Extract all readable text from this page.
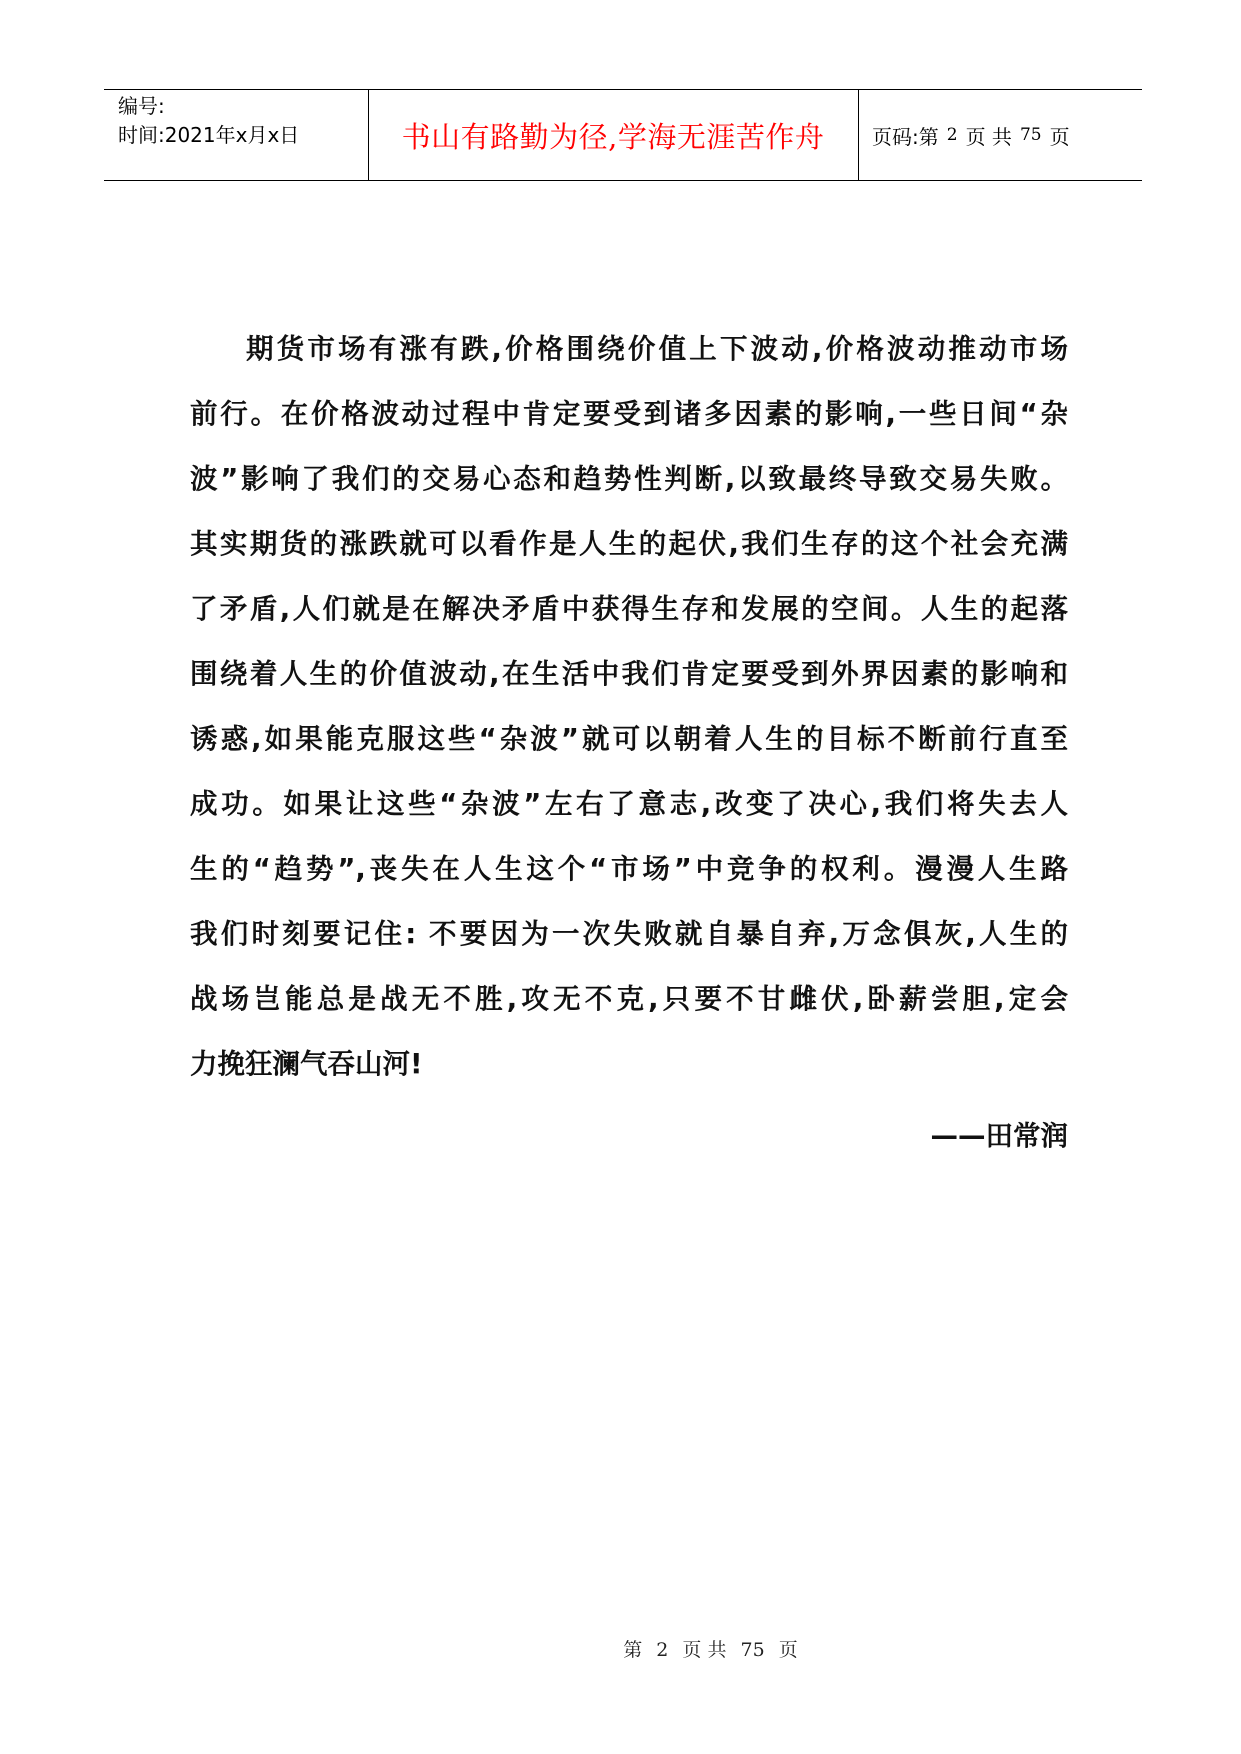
编号:
时间:2021年x月x日	书山有路勤为径,学海无涯苦作舟	页码:第 2 页 共 75 页
期货市场有涨有跌,价格围绕价值上下波动,价格波动推动市场
前行。在价格波动过程中肯定要受到诸多因素的影响,一些日间“杂
波”影响了我们的交易心态和趋势性判断,以致最终导致交易失败。
其实期货的涨跌就可以看作是人生的起伏,我们生存的这个社会充满
了矛盾,人们就是在解决矛盾中获得生存和发展的空间。人生的起落
围绕着人生的价值波动,在生活中我们肯定要受到外界因素的影响和
诱惑,如果能克服这些“杂波”就可以朝着人生的目标不断前行直至
成功。如果让这些“杂波”左右了意志,改变了决心,我们将失去人
生的“趋势”,丧失在人生这个“市场”中竞争的权利。漫漫人生路
我们时刻要记住: 不要因为一次失败就自暴自弃,万念俱灰,人生的
战场岂能总是战无不胜,攻无不克,只要不甘雌伏,卧薪尝胆,定会
力挽狂澜气吞山河!
——田常润
第 2 页 共 75 页
